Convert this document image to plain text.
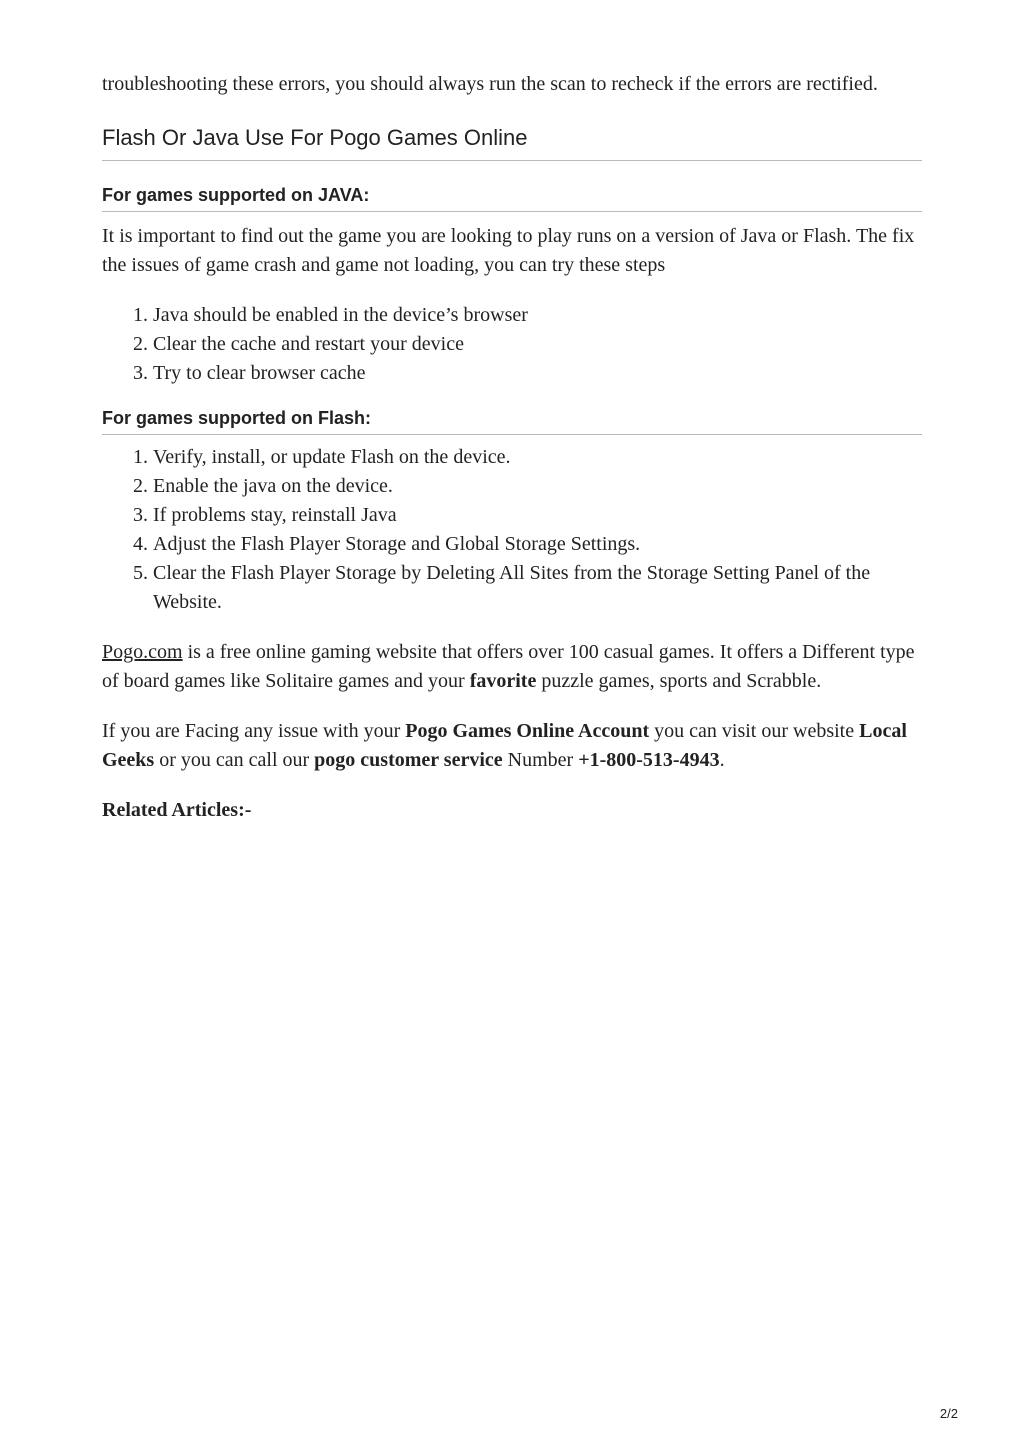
troubleshooting these errors, you should always run the scan to recheck if the errors are rectified.

Flash Or Java Use For Pogo Games Online
For games supported on JAVA:

It is important to find out the game you are looking to play runs on a version of Java or Flash. The fix the issues of game crash and game not loading, you can try these steps

1. Java should be enabled in the device’s browser
2. Clear the cache and restart your device
3. Try to clear browser cache
For games supported on Flash:
1. Verify, install, or update Flash on the device.
2. Enable the java on the device.
3. If problems stay, reinstall Java
4. Adjust the Flash Player Storage and Global Storage Settings.
5. Clear the Flash Player Storage by Deleting All Sites from the Storage Setting Panel of the Website.

Pogo.com is a free online gaming website that offers over 100 casual games. It offers a Different type of board games like Solitaire games and your favorite puzzle games, sports and Scrabble.

If you are Facing any issue with your Pogo Games Online Account you can visit our website Local Geeks or you can call our pogo customer service Number +1-800-513-4943.

Related Articles:-

2/2
